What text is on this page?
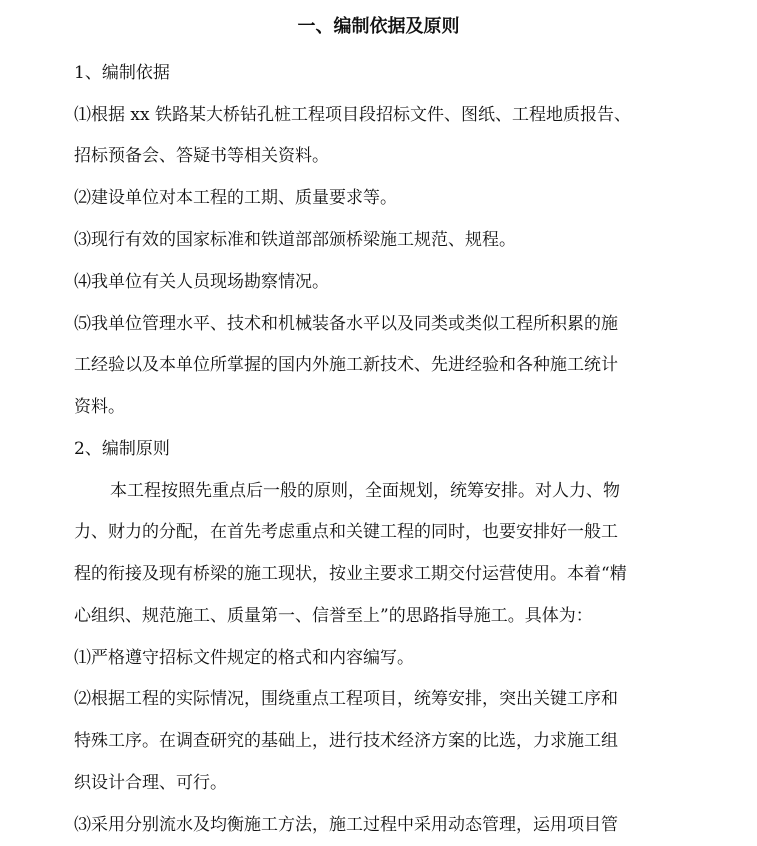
一、编制依据及原则
1、编制依据
⑴根据 xx 铁路某大桥钻孔桩工程项目段招标文件、图纸、工程地质报告、
招标预备会、答疑书等相关资料。
⑵建设单位对本工程的工期、质量要求等。
⑶现行有效的国家标准和铁道部部颁桥梁施工规范、规程。
⑷我单位有关人员现场勘察情况。
⑸我单位管理水平、技术和机械装备水平以及同类或类似工程所积累的施
工经验以及本单位所掌握的国内外施工新技术、先进经验和各种施工统计
资料。
2、编制原则
本工程按照先重点后一般的原则，全面规划，统筹安排。对人力、物
力、财力的分配，在首先考虑重点和关键工程的同时，也要安排好一般工
程的衔接及现有桥梁的施工现状，按业主要求工期交付运营使用。本着“精
心组织、规范施工、质量第一、信誉至上”的思路指导施工。具体为：
⑴严格遵守招标文件规定的格式和内容编写。
⑵根据工程的实际情况，围绕重点工程项目，统筹安排，突出关键工序和
特殊工序。在调查研究的基础上，进行技术经济方案的比选，力求施工组
织设计合理、可行。
⑶采用分别流水及均衡施工方法，施工过程中采用动态管理，运用项目管
